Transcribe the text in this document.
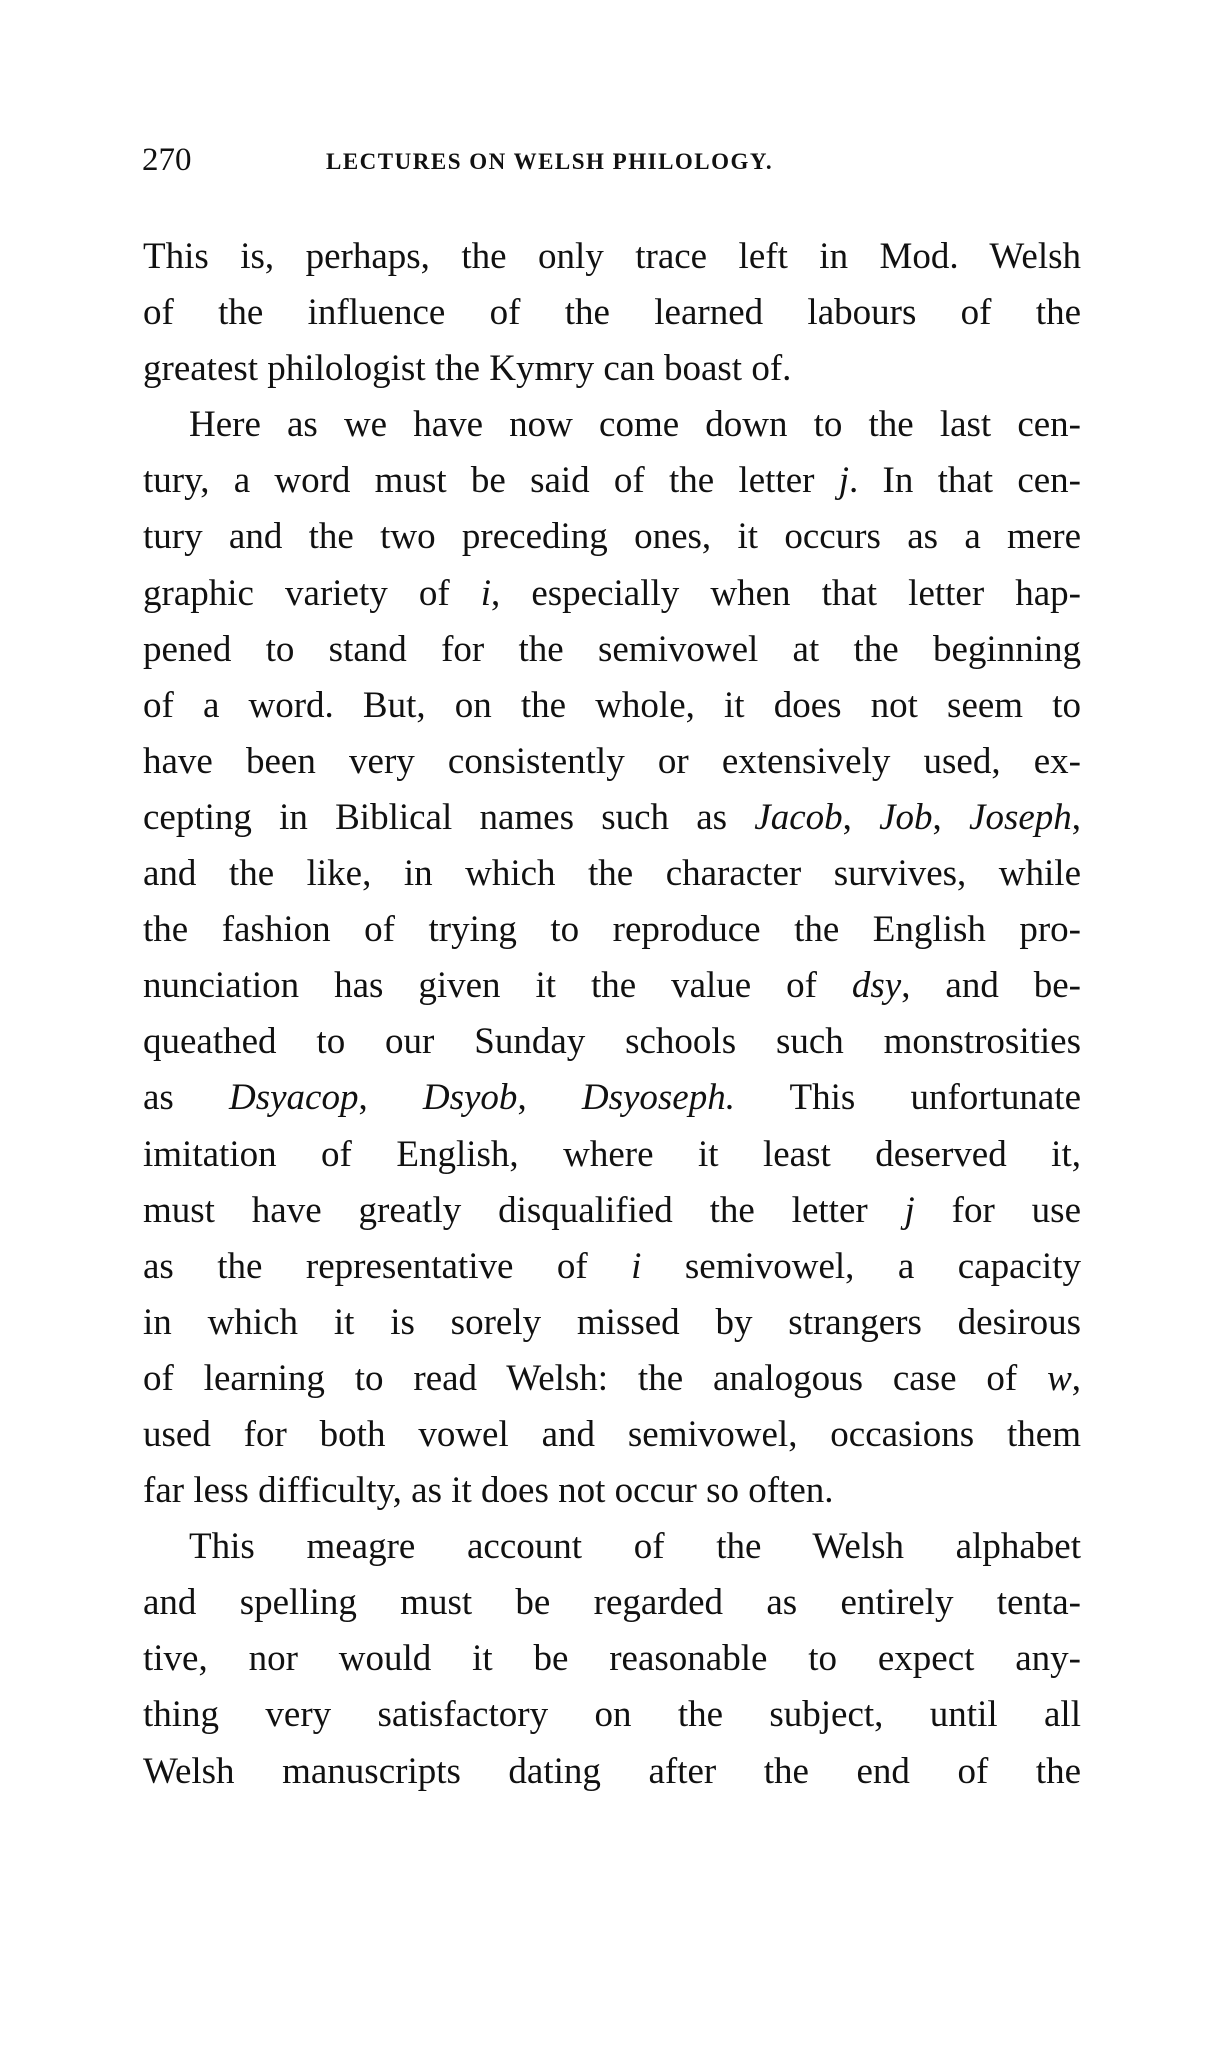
270	LECTURES ON WELSH PHILOLOGY.
This is, perhaps, the only trace left in Mod. Welsh
of the influence of the learned labours of the
greatest philologist the Kymry can boast of.
Here as we have now come down to the last cen-
tury, a word must be said of the letter j. In that cen-
tury and the two preceding ones, it occurs as a mere
graphic variety of i, especially when that letter hap-
pened to stand for the semivowel at the beginning
of a word. But, on the whole, it does not seem to
have been very consistently or extensively used, ex-
cepting in Biblical names such as Jacob, Job, Joseph,
and the like, in which the character survives, while
the fashion of trying to reproduce the English pro-
nunciation has given it the value of dsy, and be-
queathed to our Sunday schools such monstrosities
as Dsyacop, Dsyob, Dsyoseph. This unfortunate
imitation of English, where it least deserved it,
must have greatly disqualified the letter j for use
as the representative of i semivowel, a capacity
in which it is sorely missed by strangers desirous
of learning to read Welsh: the analogous case of w,
used for both vowel and semivowel, occasions them
far less difficulty, as it does not occur so often.
This meagre account of the Welsh alphabet
and spelling must be regarded as entirely tenta-
tive, nor would it be reasonable to expect any-
thing very satisfactory on the subject, until all
Welsh manuscripts dating after the end of the
